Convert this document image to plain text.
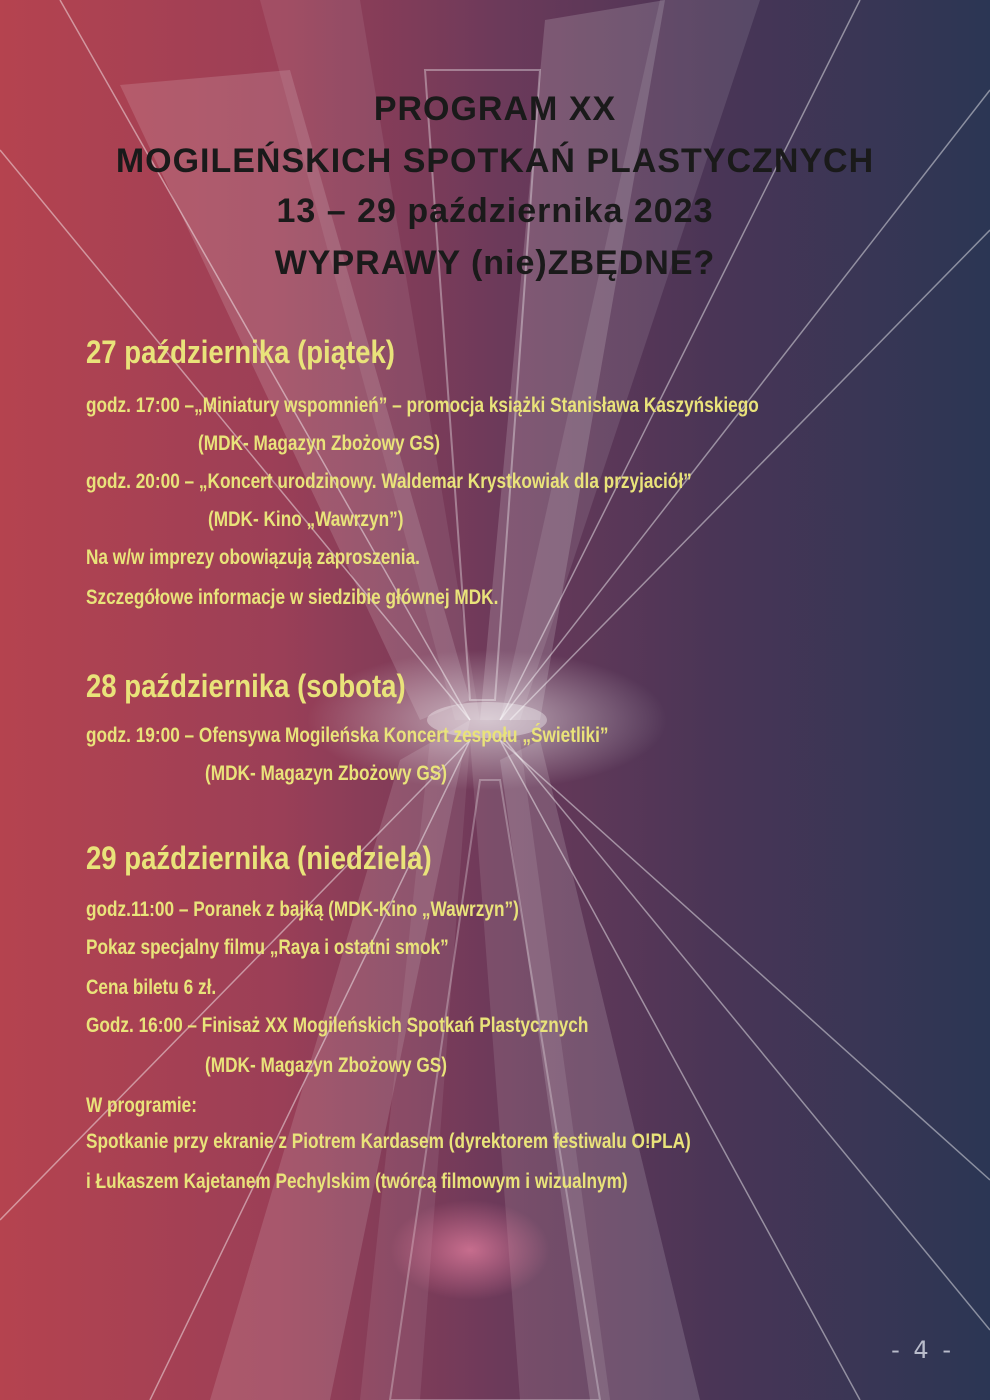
PROGRAM XX
MOGILEŃSKICH SPOTKAŃ PLASTYCZNYCH
13 – 29 października 2023
WYPRAWY (nie)ZBĘDNE?
27 października (piątek)
godz. 17:00 –„Miniatury wspomnień” – promocja książki Stanisława Kaszyńskiego
(MDK- Magazyn Zbożowy GS)
godz. 20:00 – „Koncert urodzinowy. Waldemar Krystkowiak dla przyjaciół”
(MDK- Kino „Wawrzyn”)
Na w/w imprezy obowiązują zaproszenia.
Szczegółowe informacje w siedzibie głównej MDK.
28 października (sobota)
godz. 19:00 – Ofensywa Mogileńska Koncert zespołu „Świetliki”
(MDK- Magazyn Zbożowy GS)
29 października (niedziela)
godz.11:00 – Poranek z bajką (MDK-Kino „Wawrzyn”)
Pokaz specjalny filmu „Raya i ostatni smok”
Cena biletu 6 zł.
Godz. 16:00 – Finisaż XX Mogileńskich Spotkań Plastycznych
(MDK- Magazyn Zbożowy GS)
W programie:
Spotkanie przy ekranie z Piotrem Kardasem (dyrektorem festiwalu O!PLA)
i Łukaszem Kajetanem Pechylskim (twórcą filmowym i wizualnym)
- 4 -
